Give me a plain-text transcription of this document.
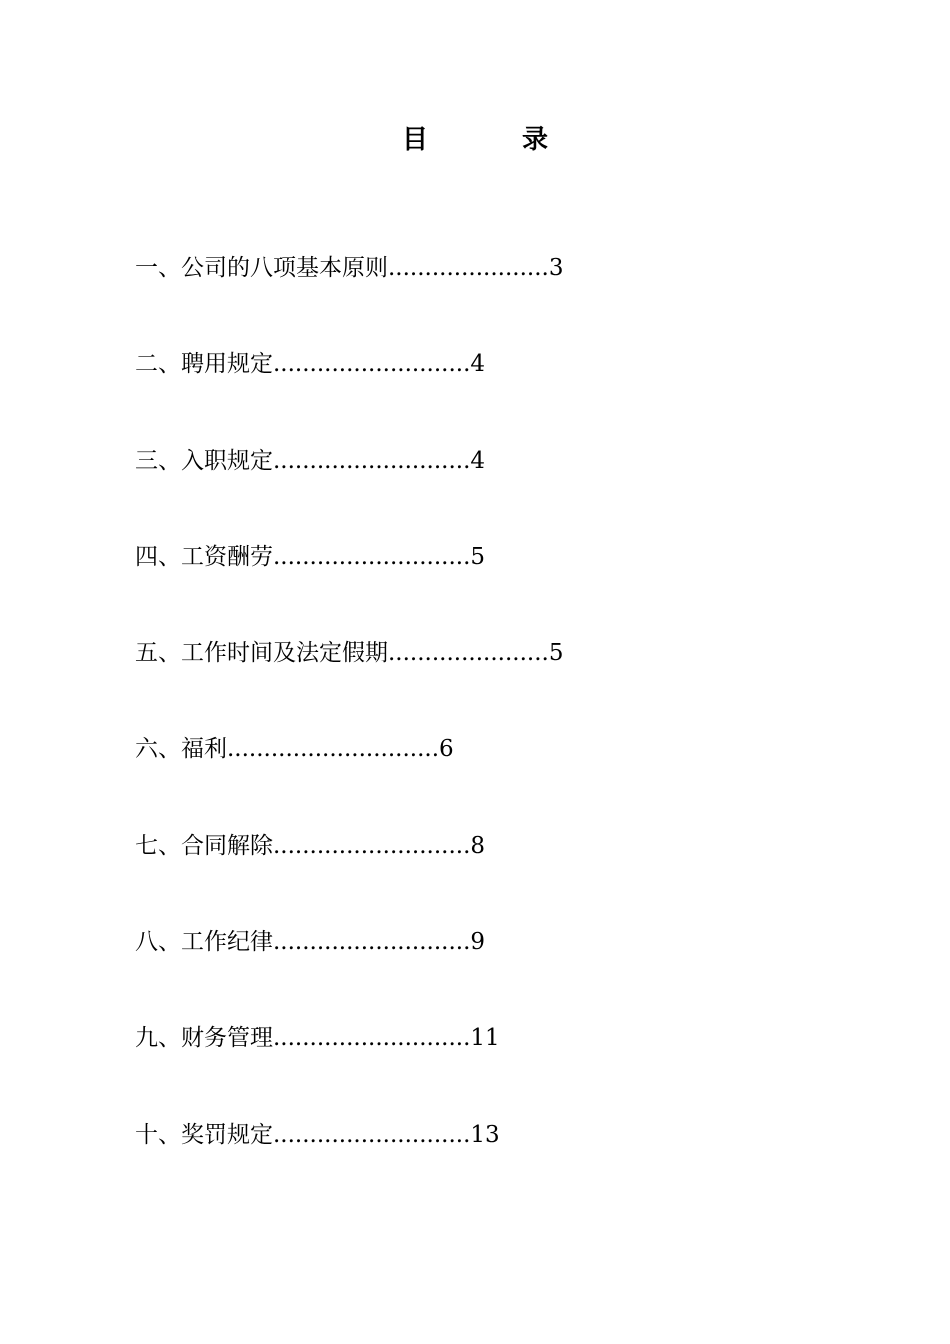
目　录
一、公司的八项基本原则......................3
二、聘用规定...........................4
三、入职规定...........................4
四、工资酬劳...........................5
五、工作时间及法定假期......................5
六、福利.............................6
七、合同解除...........................8
八、工作纪律...........................9
九、财务管理...........................11
十、奖罚规定...........................13
